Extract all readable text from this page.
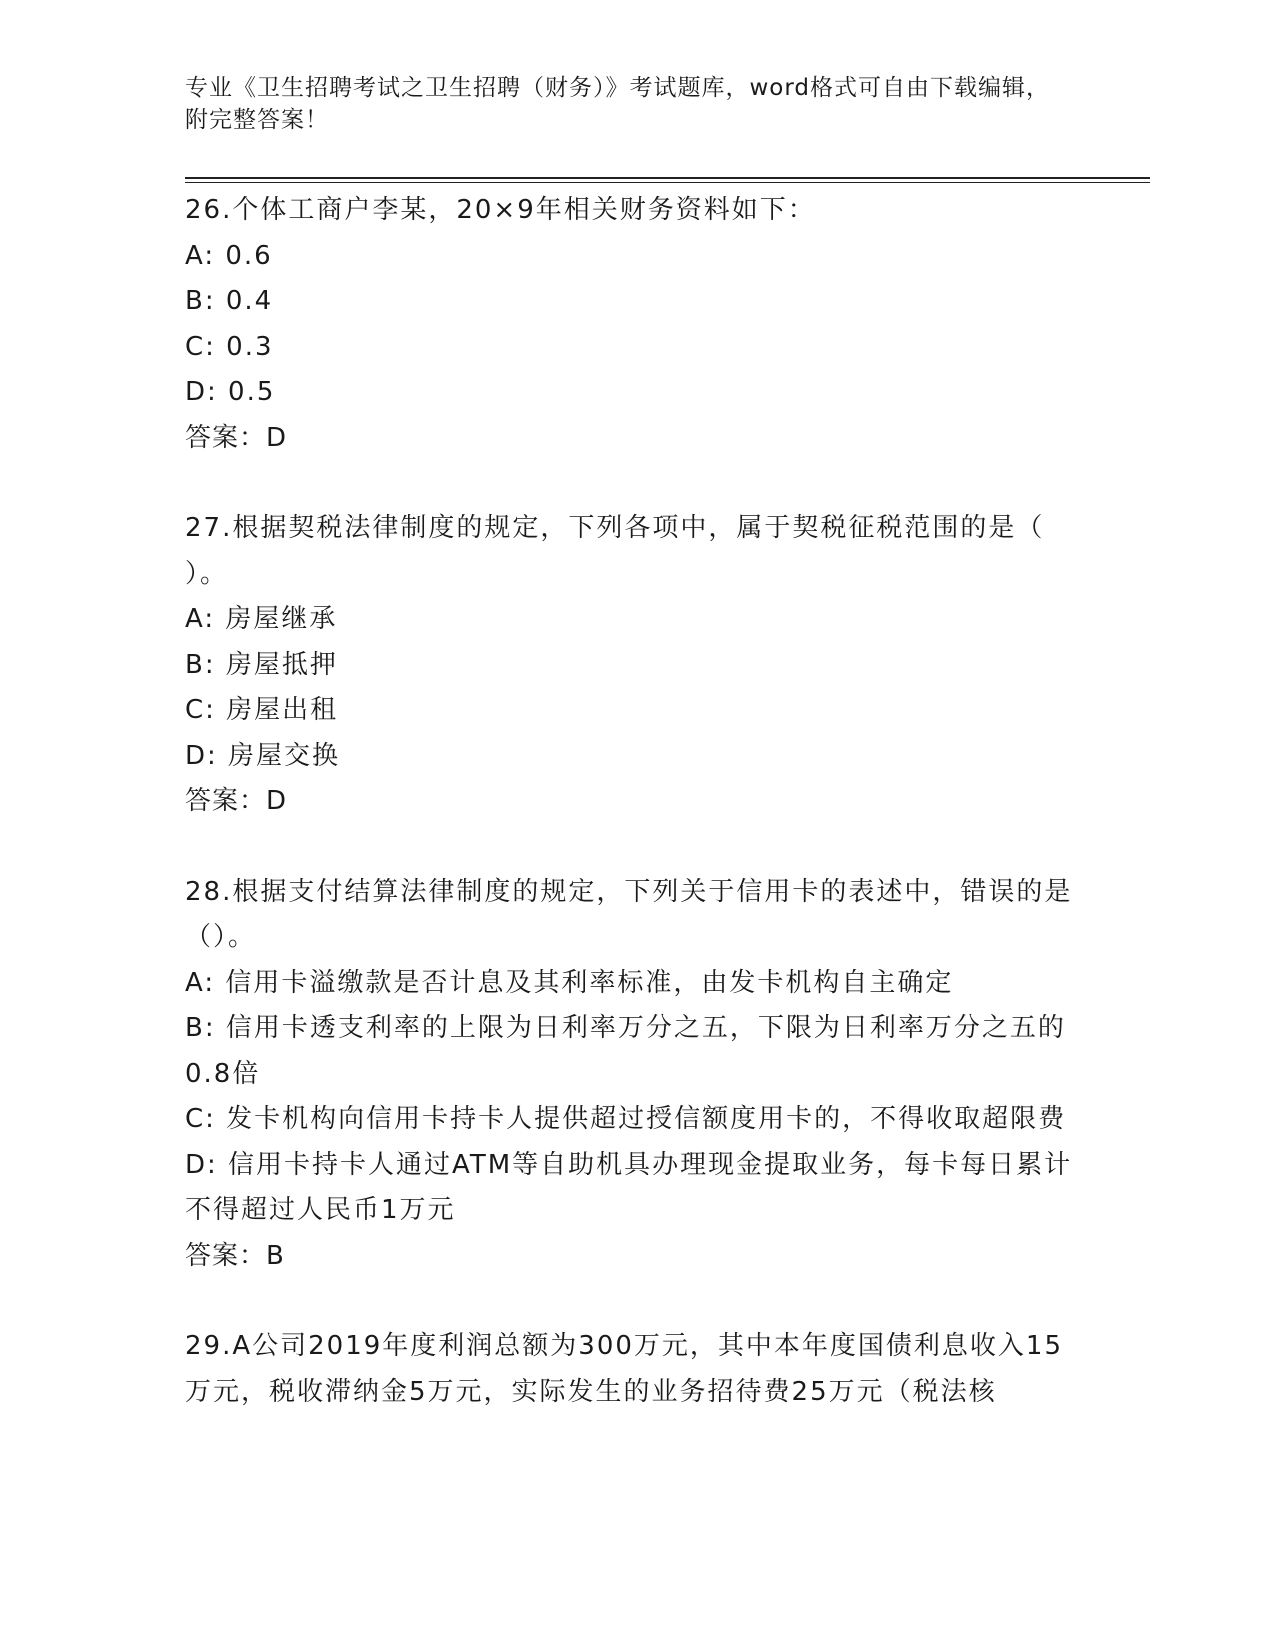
专业《卫生招聘考试之卫生招聘（财务）》考试题库，word格式可自由下载编辑，附完整答案！

26.个体工商户李某，20×9年相关财务资料如下：

A: 0.6

B: 0.4

C: 0.3

D: 0.5

答案：D

27.根据契税法律制度的规定，下列各项中，属于契税征税范围的是（ ）。

A: 房屋继承

B: 房屋抵押

C: 房屋出租

D: 房屋交换

答案：D

28.根据支付结算法律制度的规定，下列关于信用卡的表述中，错误的是（）。

A: 信用卡溢缴款是否计息及其利率标准，由发卡机构自主确定

B: 信用卡透支利率的上限为日利率万分之五，下限为日利率万分之五的0.8倍

C: 发卡机构向信用卡持卡人提供超过授信额度用卡的，不得收取超限费

D: 信用卡持卡人通过ATM等自助机具办理现金提取业务，每卡每日累计不得超过人民币1万元

答案：B

29.A公司2019年度利润总额为300万元，其中本年度国债利息收入15万元，税收滞纳金5万元，实际发生的业务招待费25万元（税法核
